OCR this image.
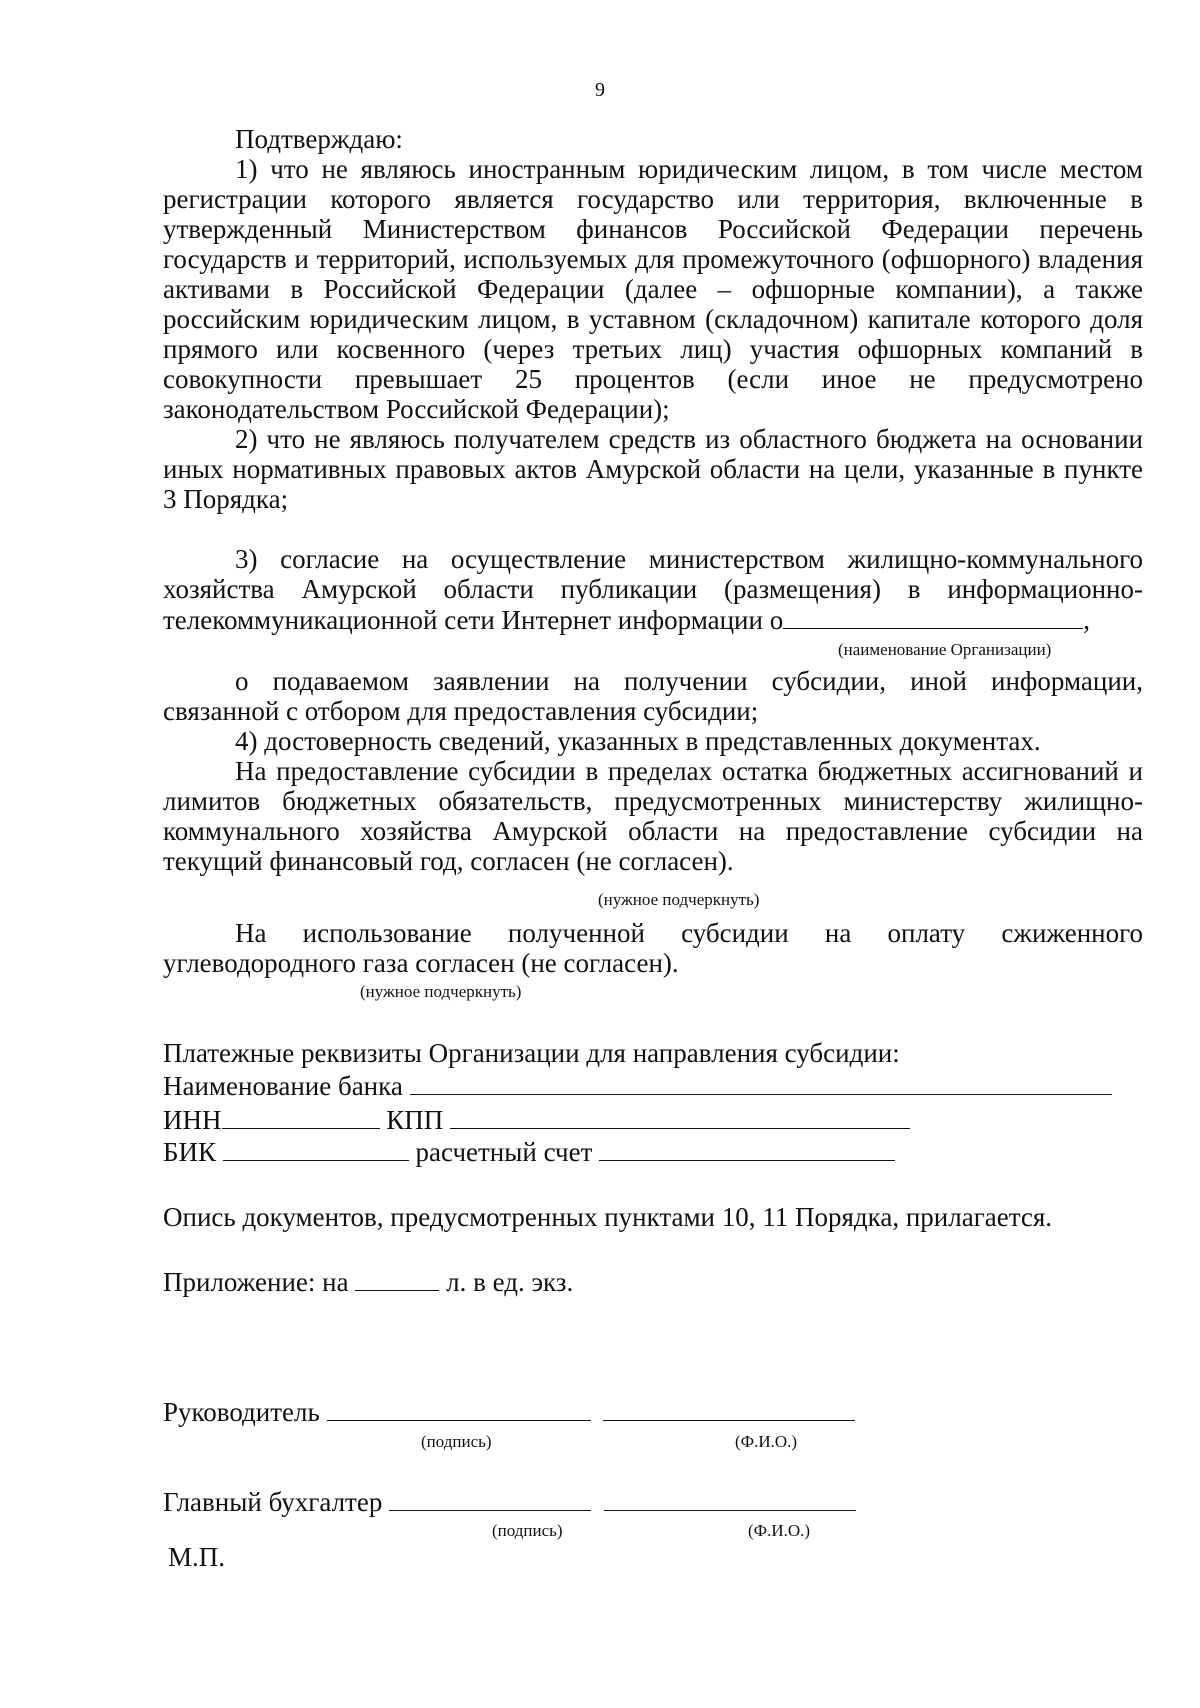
9

Подтверждаю:

1) что не являюсь иностранным юридическим лицом, в том числе местом регистрации которого является государство или территория, включенные в утвержденный Министерством финансов Российской Федерации перечень государств и территорий, используемых для промежуточного (офшорного) владения активами в Российской Федерации (далее – офшорные компании), а также российским юридическим лицом, в уставном (складочном) капитале которого доля прямого или косвенного (через третьих лиц) участия офшорных компаний в совокупности превышает 25 процентов (если иное не предусмотрено законодательством Российской Федерации);

2) что не являюсь получателем средств из областного бюджета на основании иных нормативных правовых актов Амурской области на цели, указанные в пункте 3 Порядка;

3) согласие на осуществление министерством жилищно-коммунального
хозяйства Амурской области публикации (размещения) в информационно-
телекоммуникационной сети Интернет информации о	,
(наименование Организации)

о подаваемом заявлении на получении субсидии, иной информации, связанной с отбором для предоставления субсидии;

4) достоверность сведений, указанных в представленных документах.

На предоставление субсидии в пределах остатка бюджетных ассигнований и лимитов бюджетных обязательств, предусмотренных министерству жилищно-коммунального хозяйства Амурской области на предоставление субсидии на текущий финансовый год, согласен (не согласен).

(нужное подчеркнуть)

На использование полученной субсидии на оплату сжиженного углеводородного газа согласен (не согласен).

(нужное подчеркнуть)
Платежные реквизиты Организации для направления субсидии:
Наименование банка
ИНН	КПП
БИК	расчетный счет
Опись документов, предусмотренных пунктами 10, 11 Порядка, прилагается.
Приложение: на	л. в ед. экз.
Руководитель
(подпись)	(Ф.И.О.)
Главный бухгалтер
(подпись)	(Ф.И.О.)
М.П.
